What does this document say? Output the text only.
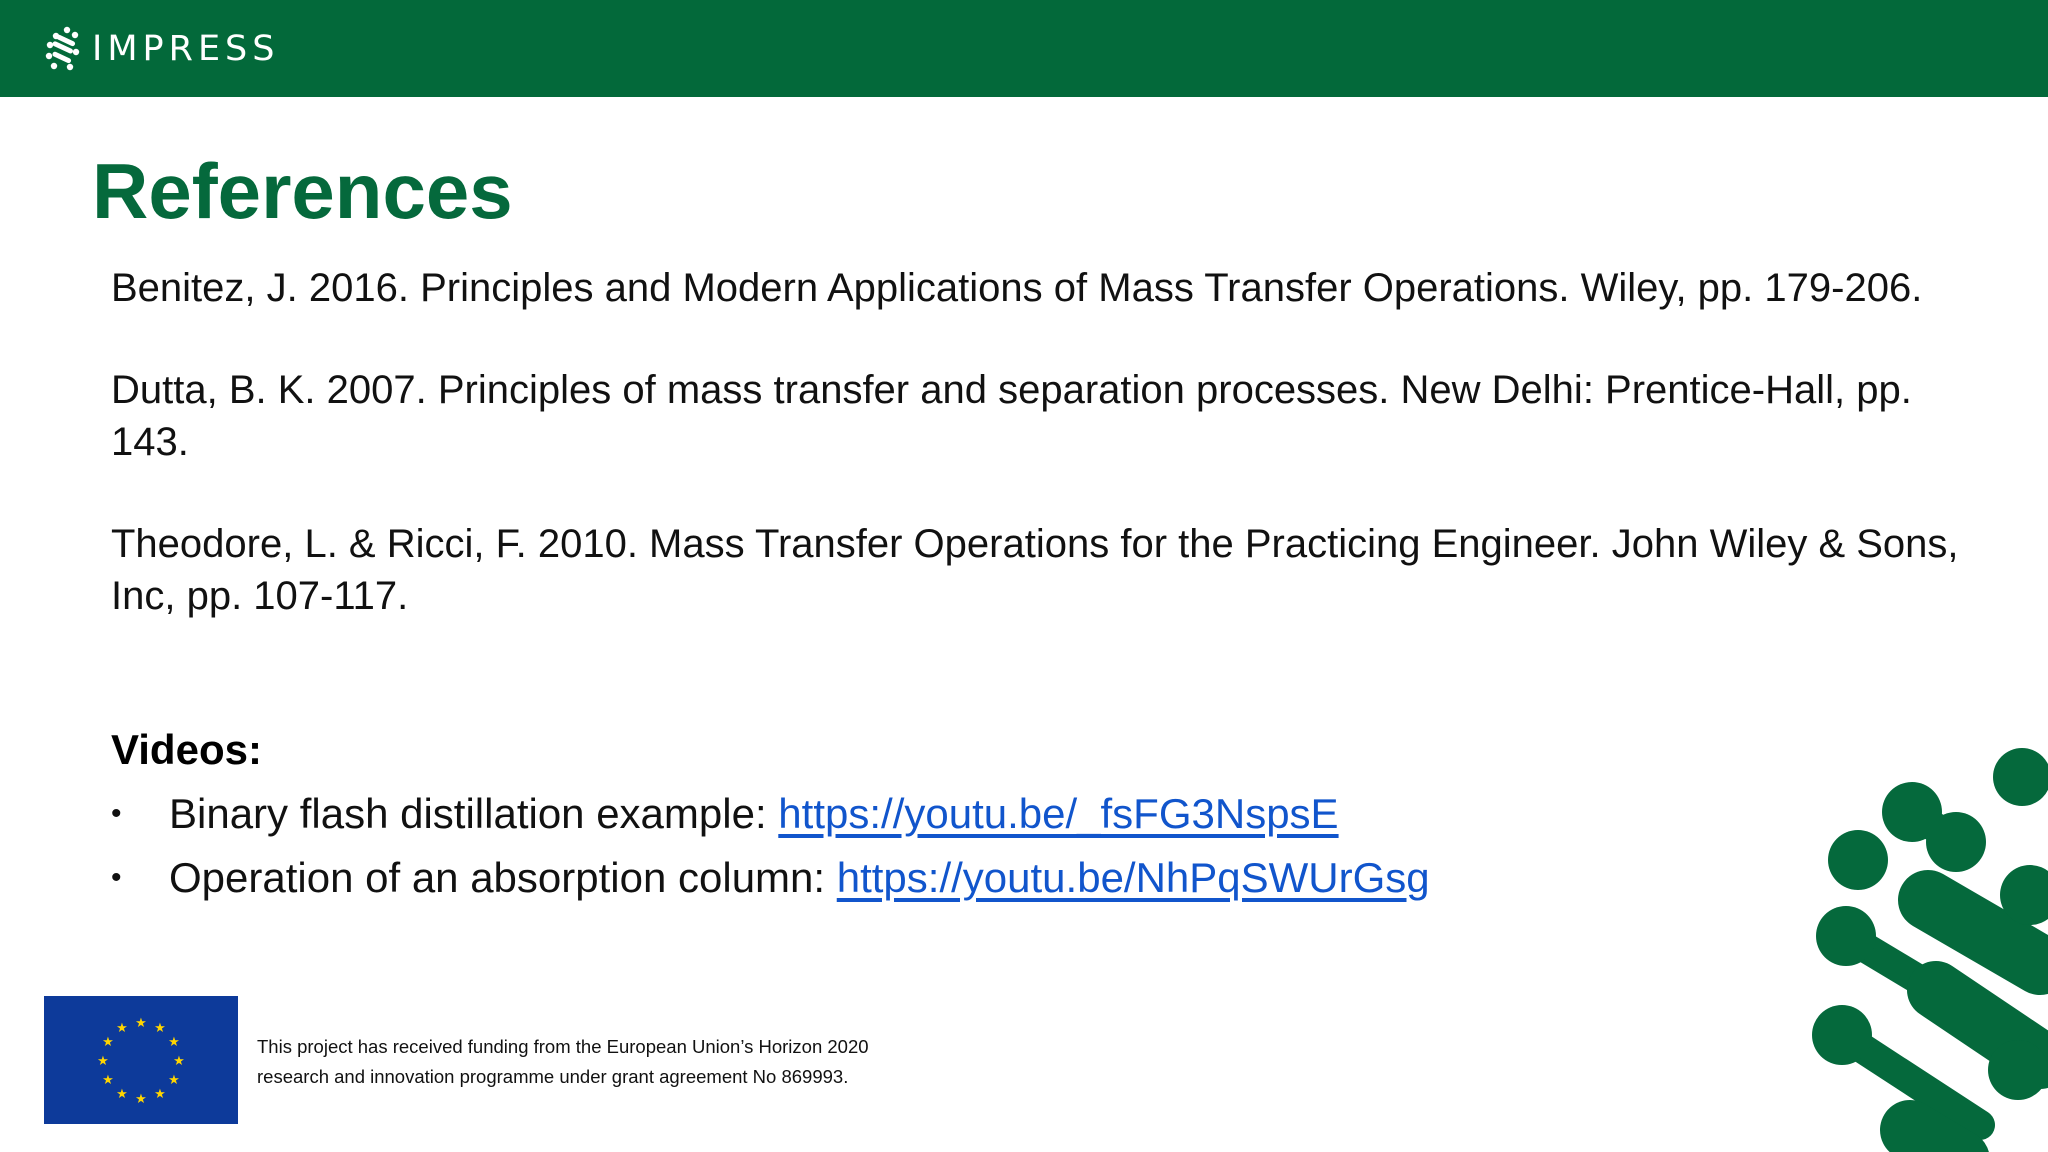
IMPRESS
References

Benitez, J. 2016. Principles and Modern Applications of Mass Transfer Operations. Wiley, pp. 179-206.

Dutta, B. K. 2007. Principles of mass transfer and separation processes. New Delhi: Prentice-Hall, pp. 143.

Theodore, L. & Ricci, F. 2010. Mass Transfer Operations for the Practicing Engineer. John Wiley & Sons, Inc, pp. 107-117.

Videos:
• Binary flash distillation example: https://youtu.be/_fsFG3NspsE
• Operation of an absorption column: https://youtu.be/NhPqSWUrGsg
★ ★
★
★
★
★
★
★
★
★
★
★
This project has received funding from the European Union’s Horizon 2020
research and innovation programme under grant agreement No 869993.
